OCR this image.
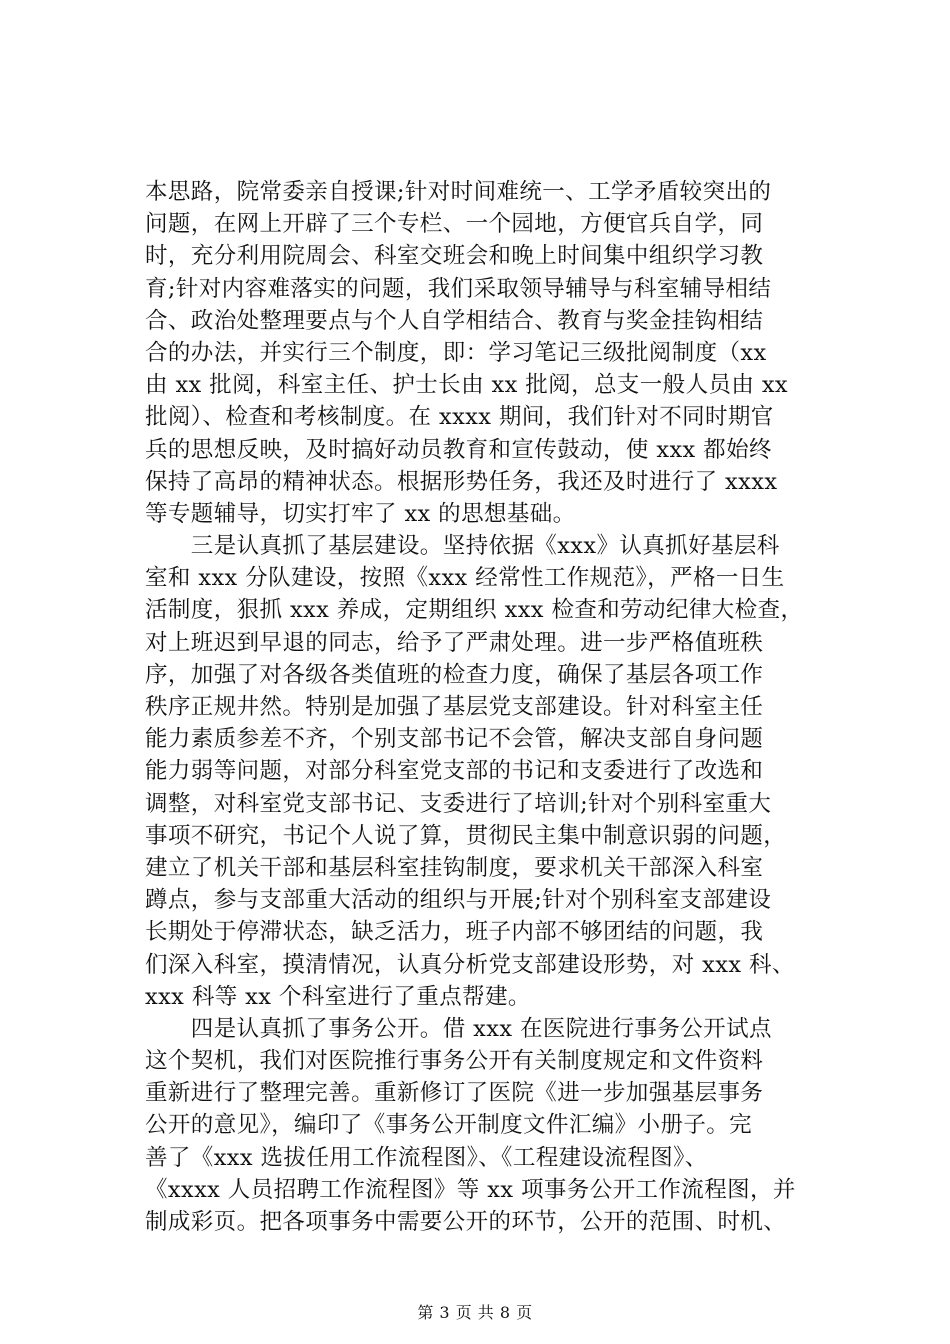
本思路，院常委亲自授课;针对时间难统一、工学矛盾较突出的
问题，在网上开辟了三个专栏、一个园地，方便官兵自学，同
时，充分利用院周会、科室交班会和晚上时间集中组织学习教
育;针对内容难落实的问题，我们采取领导辅导与科室辅导相结
合、政治处整理要点与个人自学相结合、教育与奖金挂钩相结
合的办法，并实行三个制度，即：学习笔记三级批阅制度（xx
由 xx 批阅，科室主任、护士长由 xx 批阅，总支一般人员由 xx
批阅）、检查和考核制度。在 xxxx 期间，我们针对不同时期官
兵的思想反映，及时搞好动员教育和宣传鼓动，使 xxx 都始终
保持了高昂的精神状态。根据形势任务，我还及时进行了 xxxx
等专题辅导，切实打牢了 xx 的思想基础。
　　三是认真抓了基层建设。坚持依据《xxx》认真抓好基层科
室和 xxx 分队建设，按照《xxx 经常性工作规范》，严格一日生
活制度，狠抓 xxx 养成，定期组织 xxx 检查和劳动纪律大检查，
对上班迟到早退的同志，给予了严肃处理。进一步严格值班秩
序，加强了对各级各类值班的检查力度，确保了基层各项工作
秩序正规井然。特别是加强了基层党支部建设。针对科室主任
能力素质参差不齐，个别支部书记不会管，解决支部自身问题
能力弱等问题，对部分科室党支部的书记和支委进行了改选和
调整，对科室党支部书记、支委进行了培训;针对个别科室重大
事项不研究，书记个人说了算，贯彻民主集中制意识弱的问题，
建立了机关干部和基层科室挂钩制度，要求机关干部深入科室
蹲点，参与支部重大活动的组织与开展;针对个别科室支部建设
长期处于停滞状态，缺乏活力，班子内部不够团结的问题，我
们深入科室，摸清情况，认真分析党支部建设形势，对 xxx 科、
xxx 科等 xx 个科室进行了重点帮建。
　　四是认真抓了事务公开。借 xxx 在医院进行事务公开试点
这个契机，我们对医院推行事务公开有关制度规定和文件资料
重新进行了整理完善。重新修订了医院《进一步加强基层事务
公开的意见》，编印了《事务公开制度文件汇编》小册子。完
善了《xxx 选拔任用工作流程图》、《工程建设流程图》、
《xxxx 人员招聘工作流程图》等 xx 项事务公开工作流程图，并
制成彩页。把各项事务中需要公开的环节，公开的范围、时机、
第 3 页 共 8 页
